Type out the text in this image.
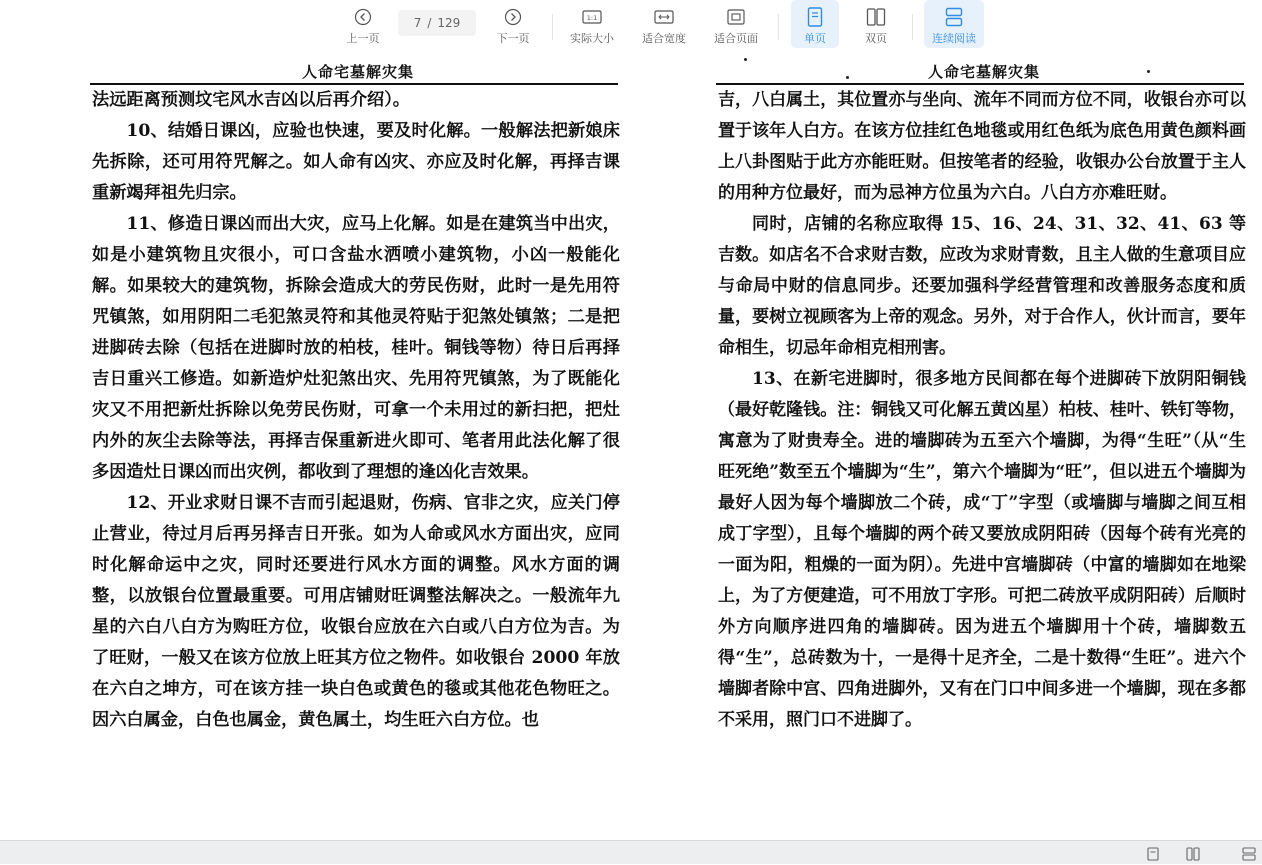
上一页
7 / 129
下一页
1:1
实际大小	适合宽度	适合页面	单页	双页	连续阅读
人命宅墓解灾集

法远距离预测坟宅风水吉凶以后再介绍）。

10、结婚日课凶，应验也快速，要及时化解。一般解法把新娘床先拆除，还可用符咒解之。如人命有凶灾、亦应及时化解，再择吉课重新竭拜祖先归宗。

11、修造日课凶而出大灾，应马上化解。如是在建筑当中出灾，如是小建筑物且灾很小，可口含盐水洒喷小建筑物，小凶一般能化解。如果较大的建筑物，拆除会造成大的劳民伤财，此时一是先用符咒镇煞，如用阴阳二毛犯煞灵符和其他灵符贴于犯煞处镇煞；二是把进脚砖去除（包括在进脚时放的柏枝，桂叶。铜钱等物）待日后再择吉日重兴工修造。如新造炉灶犯煞出灾、先用符咒镇煞，为了既能化灾又不用把新灶拆除以免劳民伤财，可拿一个未用过的新扫把，把灶内外的灰尘去除等法，再择吉保重新进火即可、笔者用此法化解了很多因造灶日课凶而出灾例，都收到了理想的逢凶化吉效果。

12、开业求财日课不吉而引起退财，伤病、官非之灾，应关门停止营业，待过月后再另择吉日开张。如为人命或风水方面出灾，应同时化解命运中之灾，同时还要进行风水方面的调整。风水方面的调整，以放银台位置最重要。可用店铺财旺调整法解决之。一般流年九星的六白八白方为购旺方位，收银台应放在六白或八白方位为吉。为了旺财，一般又在该方位放上旺其方位之物件。如收银台 2000 年放在六白之坤方，可在该方挂一块白色或黄色的毯或其他花色物旺之。因六白属金，白色也属金，黄色属土，均生旺六白方位。也

人命宅墓解灾集

吉，八白属土，其位置亦与坐向、流年不同而方位不同，收银台亦可以置于该年人白方。在该方位挂红色地毯或用红色纸为底色用黄色颜料画上八卦图贴于此方亦能旺财。但按笔者的经验，收银办公台放置于主人的用种方位最好，而为忌神方位虽为六白。八白方亦难旺财。

同时，店铺的名称应取得 15、16、24、31、32、41、63 等吉数。如店名不合求财吉数，应改为求财青数，且主人做的生意项目应与命局中财的信息同步。还要加强科学经营管理和改善服务态度和质量，要树立视顾客为上帝的观念。另外，对于合作人，伙计而言，要年命相生，切忌年命相克相刑害。

13、在新宅进脚时，很多地方民间都在每个进脚砖下放阴阳铜钱（最好乾隆钱。注：铜钱又可化解五黄凶星）柏枝、桂叶、铁钉等物，寓意为了财贵寿全。进的墙脚砖为五至六个墙脚，为得“生旺”（从“生旺死绝”数至五个墙脚为“生”，第六个墙脚为“旺”，但以进五个墙脚为最好人因为每个墙脚放二个砖，成“丁”字型（或墙脚与墙脚之间互相成丁字型），且每个墙脚的两个砖又要放成阴阳砖（因每个砖有光亮的一面为阳，粗燥的一面为阴）。先进中宫墙脚砖（中富的墙脚如在地梁上，为了方便建造，可不用放丁字形。可把二砖放平成阴阳砖）后顺时外方向顺序进四角的墙脚砖。因为进五个墙脚用十个砖，墙脚数五得“生”，总砖数为十，一是得十足齐全，二是十数得“生旺”。进六个墙脚者除中宫、四角进脚外，又有在门口中间多进一个墙脚，现在多都不采用，照门口不进脚了。
